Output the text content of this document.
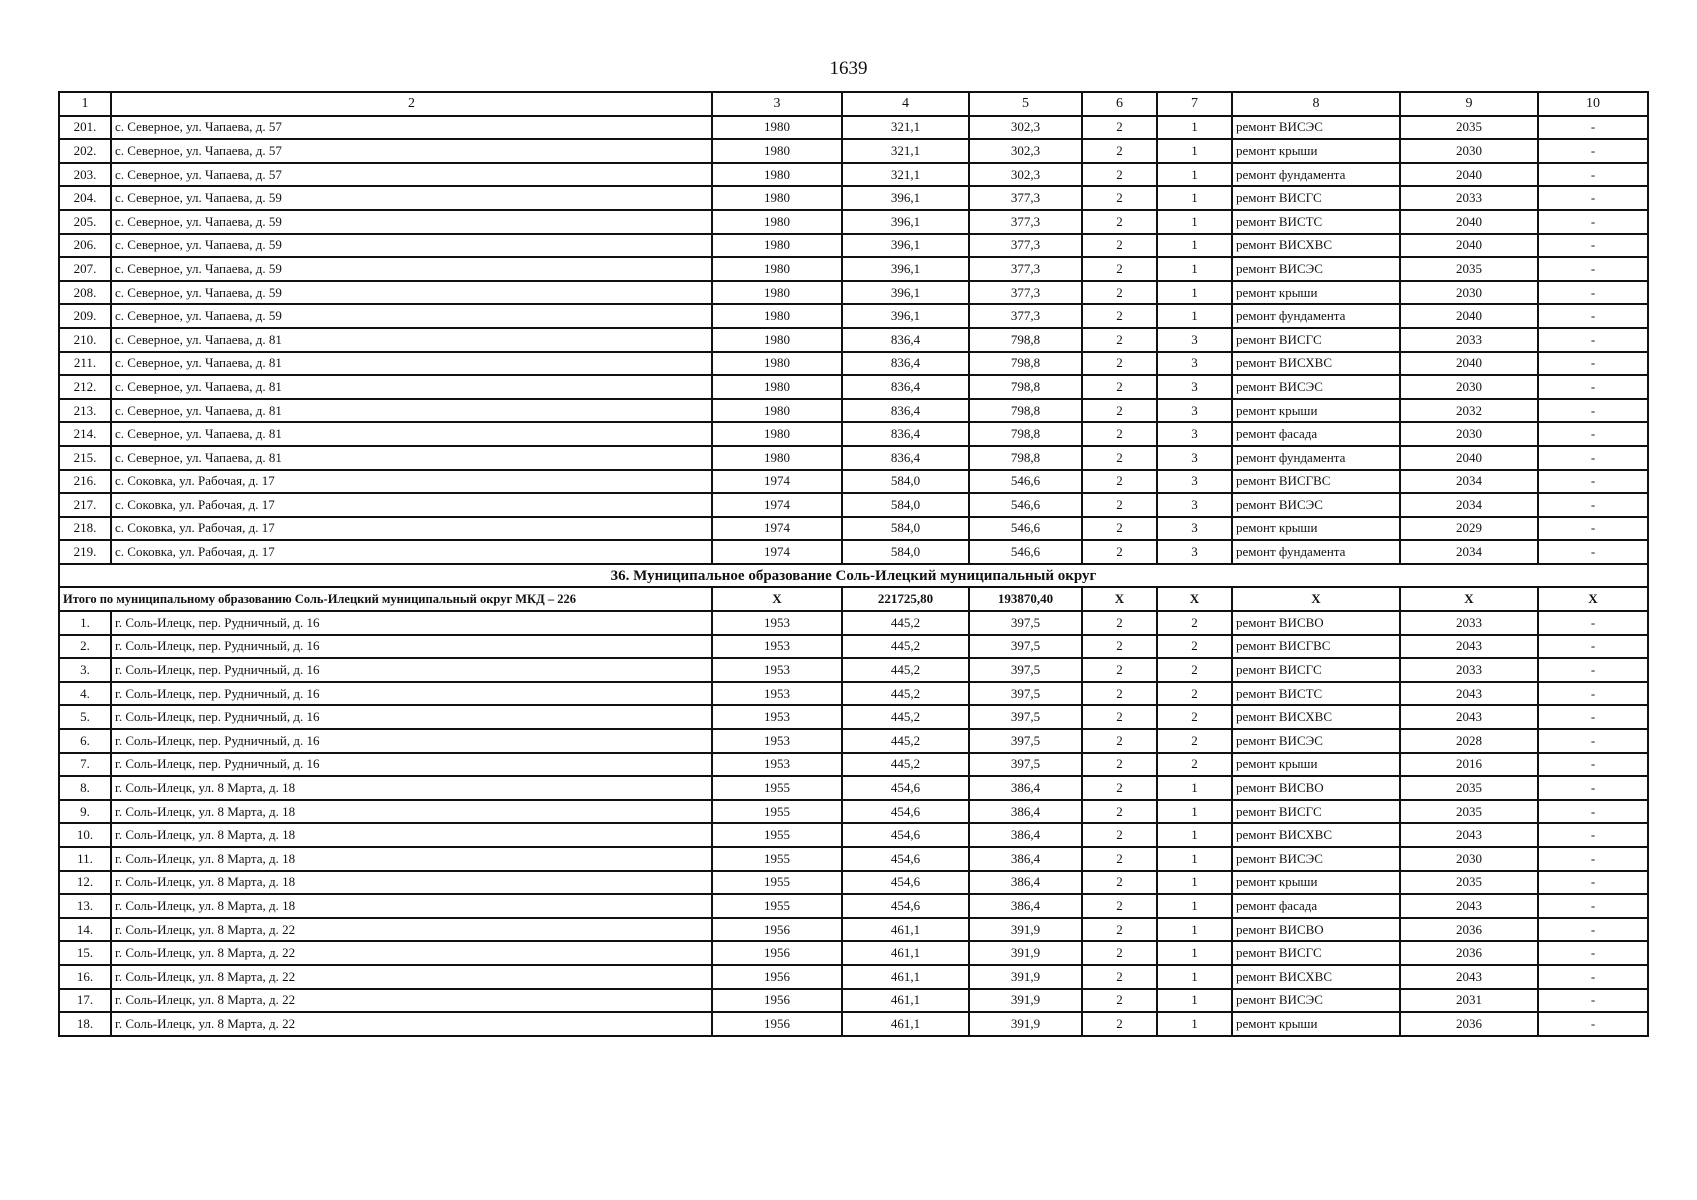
1639
1	2	3	4	5	6	7	8	9	10
201.	с. Северное, ул. Чапаева, д. 57	1980	321,1	302,3	2	1	ремонт ВИСЭС	2035	-
202.	с. Северное, ул. Чапаева, д. 57	1980	321,1	302,3	2	1	ремонт крыши	2030	-
203.	с. Северное, ул. Чапаева, д. 57	1980	321,1	302,3	2	1	ремонт фундамента	2040	-
204.	с. Северное, ул. Чапаева, д. 59	1980	396,1	377,3	2	1	ремонт ВИСГС	2033	-
205.	с. Северное, ул. Чапаева, д. 59	1980	396,1	377,3	2	1	ремонт ВИСТС	2040	-
206.	с. Северное, ул. Чапаева, д. 59	1980	396,1	377,3	2	1	ремонт ВИСХВС	2040	-
207.	с. Северное, ул. Чапаева, д. 59	1980	396,1	377,3	2	1	ремонт ВИСЭС	2035	-
208.	с. Северное, ул. Чапаева, д. 59	1980	396,1	377,3	2	1	ремонт крыши	2030	-
209.	с. Северное, ул. Чапаева, д. 59	1980	396,1	377,3	2	1	ремонт фундамента	2040	-
210.	с. Северное, ул. Чапаева, д. 81	1980	836,4	798,8	2	3	ремонт ВИСГС	2033	-
211.	с. Северное, ул. Чапаева, д. 81	1980	836,4	798,8	2	3	ремонт ВИСХВС	2040	-
212.	с. Северное, ул. Чапаева, д. 81	1980	836,4	798,8	2	3	ремонт ВИСЭС	2030	-
213.	с. Северное, ул. Чапаева, д. 81	1980	836,4	798,8	2	3	ремонт крыши	2032	-
214.	с. Северное, ул. Чапаева, д. 81	1980	836,4	798,8	2	3	ремонт фасада	2030	-
215.	с. Северное, ул. Чапаева, д. 81	1980	836,4	798,8	2	3	ремонт фундамента	2040	-
216.	с. Соковка, ул. Рабочая, д. 17	1974	584,0	546,6	2	3	ремонт ВИСГВС	2034	-
217.	с. Соковка, ул. Рабочая, д. 17	1974	584,0	546,6	2	3	ремонт ВИСЭС	2034	-
218.	с. Соковка, ул. Рабочая, д. 17	1974	584,0	546,6	2	3	ремонт крыши	2029	-
219.	с. Соковка, ул. Рабочая, д. 17	1974	584,0	546,6	2	3	ремонт фундамента	2034	-
36. Муниципальное образование Соль-Илецкий муниципальный округ									
Итого по муниципальному образованию Соль-Илецкий муниципальный округ МКД – 226		Х	221725,80	193870,40	Х	Х	Х	Х	Х
1.	г. Соль-Илецк, пер. Рудничный, д. 16	1953	445,2	397,5	2	2	ремонт ВИСВО	2033	-
2.	г. Соль-Илецк, пер. Рудничный, д. 16	1953	445,2	397,5	2	2	ремонт ВИСГВС	2043	-
3.	г. Соль-Илецк, пер. Рудничный, д. 16	1953	445,2	397,5	2	2	ремонт ВИСГС	2033	-
4.	г. Соль-Илецк, пер. Рудничный, д. 16	1953	445,2	397,5	2	2	ремонт ВИСТС	2043	-
5.	г. Соль-Илецк, пер. Рудничный, д. 16	1953	445,2	397,5	2	2	ремонт ВИСХВС	2043	-
6.	г. Соль-Илецк, пер. Рудничный, д. 16	1953	445,2	397,5	2	2	ремонт ВИСЭС	2028	-
7.	г. Соль-Илецк, пер. Рудничный, д. 16	1953	445,2	397,5	2	2	ремонт крыши	2016	-
8.	г. Соль-Илецк, ул. 8 Марта, д. 18	1955	454,6	386,4	2	1	ремонт ВИСВО	2035	-
9.	г. Соль-Илецк, ул. 8 Марта, д. 18	1955	454,6	386,4	2	1	ремонт ВИСГС	2035	-
10.	г. Соль-Илецк, ул. 8 Марта, д. 18	1955	454,6	386,4	2	1	ремонт ВИСХВС	2043	-
11.	г. Соль-Илецк, ул. 8 Марта, д. 18	1955	454,6	386,4	2	1	ремонт ВИСЭС	2030	-
12.	г. Соль-Илецк, ул. 8 Марта, д. 18	1955	454,6	386,4	2	1	ремонт крыши	2035	-
13.	г. Соль-Илецк, ул. 8 Марта, д. 18	1955	454,6	386,4	2	1	ремонт фасада	2043	-
14.	г. Соль-Илецк, ул. 8 Марта, д. 22	1956	461,1	391,9	2	1	ремонт ВИСВО	2036	-
15.	г. Соль-Илецк, ул. 8 Марта, д. 22	1956	461,1	391,9	2	1	ремонт ВИСГС	2036	-
16.	г. Соль-Илецк, ул. 8 Марта, д. 22	1956	461,1	391,9	2	1	ремонт ВИСХВС	2043	-
17.	г. Соль-Илецк, ул. 8 Марта, д. 22	1956	461,1	391,9	2	1	ремонт ВИСЭС	2031	-
18.	г. Соль-Илецк, ул. 8 Марта, д. 22	1956	461,1	391,9	2	1	ремонт крыши	2036	-
